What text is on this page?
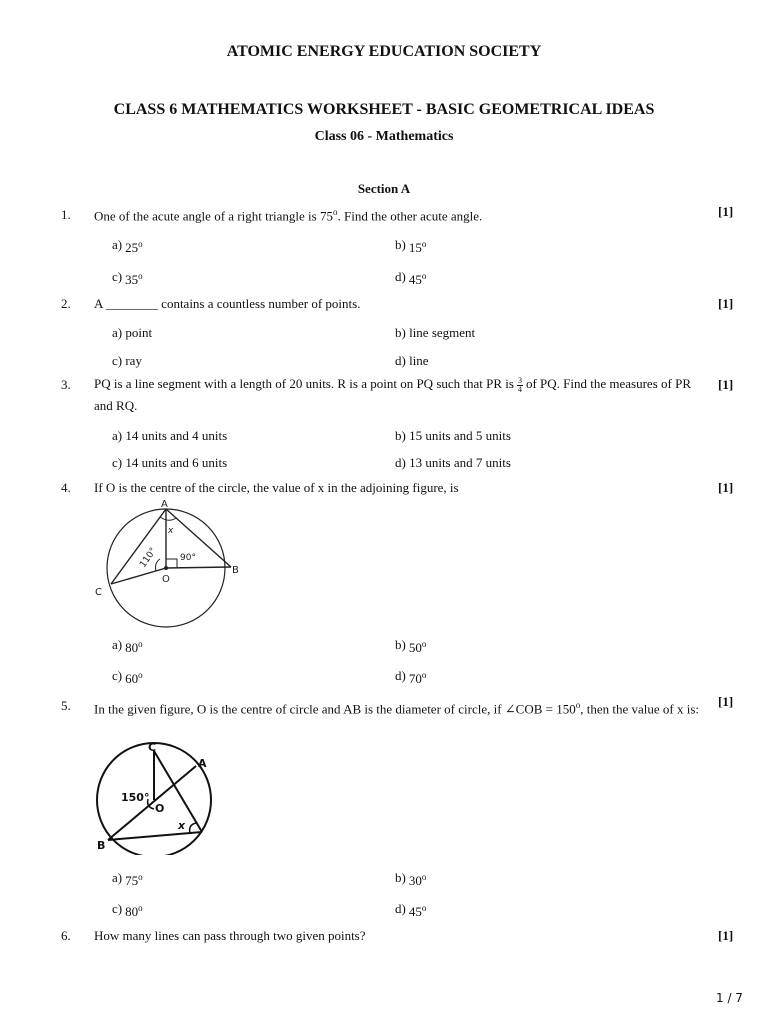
ATOMIC ENERGY EDUCATION SOCIETY
CLASS 6 MATHEMATICS WORKSHEET - BASIC GEOMETRICAL IDEAS
Class 06 - Mathematics
Section A
1. One of the acute angle of a right triangle is 75$^o$. Find the other acute angle.	[1]
a) 25$^o$	b) 15$^o$
c) 35$^o$	d) 45$^o$
2. A ________ contains a countless number of points.	[1]
a) point	b) line segment
c) ray	d) line
3. PQ is a line segment with a length of 20 units. R is a point on PQ such that PR is $\frac{3}{4}$ of PQ. Find the measures of PR and RQ.
[1]
a) 14 units and 4 units	b) 15 units and 5 units
c) 14 units and 6 units	d) 13 units and 7 units
4. If O is the centre of the circle, the value of x in the adjoining figure, is	[1]
A
B
C
O
x
110° 90°
a) 80$^o$	b) 50$^o$
c) 60$^o$	d) 70$^o$
5. In the given figure, O is the centre of circle and AB is the diameter of circle, if ∠COB = $150^o$, then the value of x is:	[1]
C
A
B
O
x
150°
a) 75$^o$	b) 30$^o$
c) 80$^o$	d) 45$^o$
6. How many lines can pass through two given points?	[1]
1 / 7
